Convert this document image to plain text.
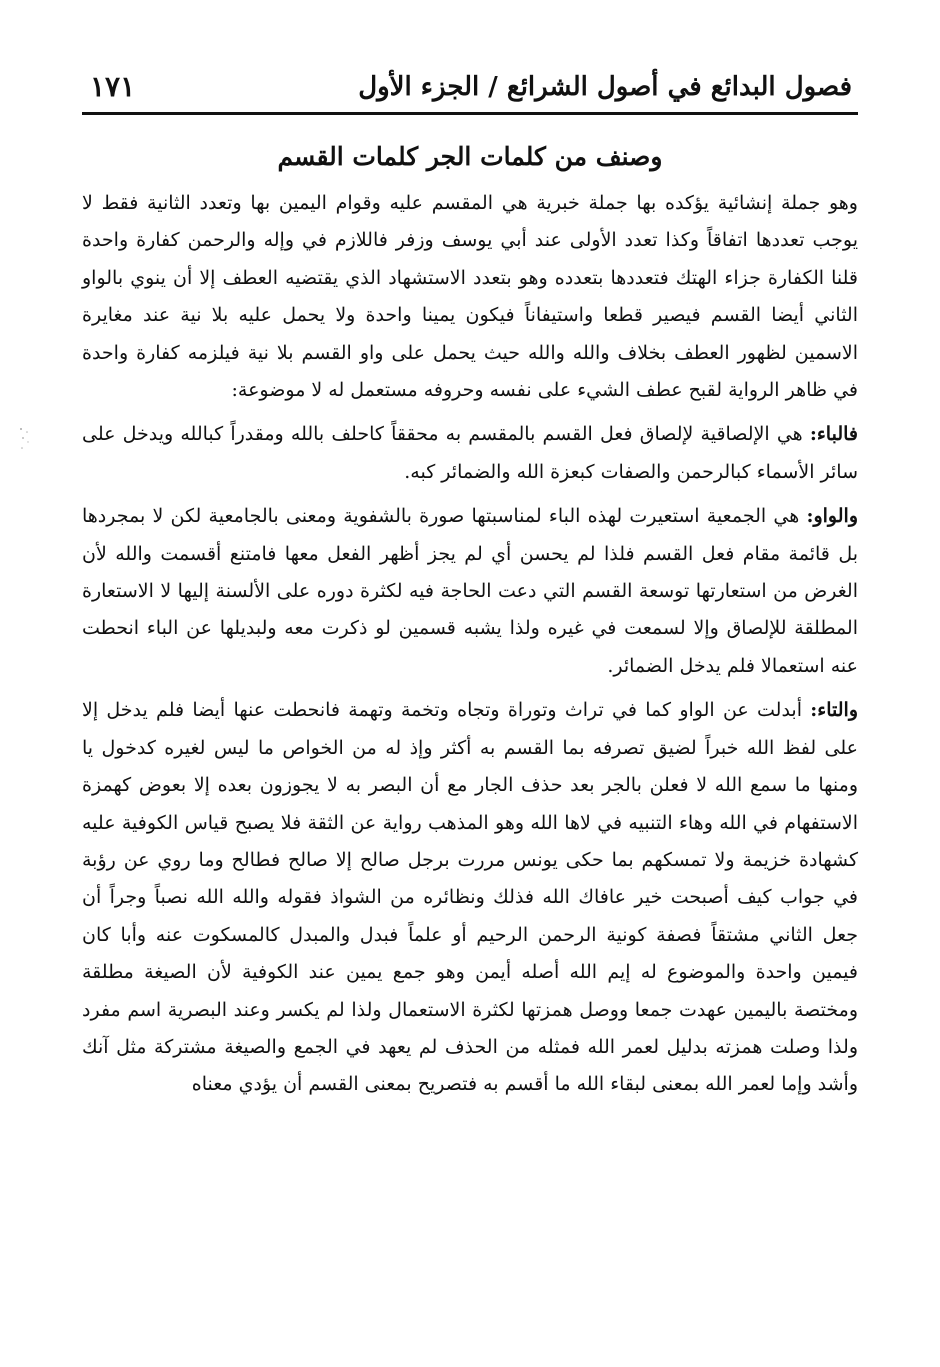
فصول البدائع في أصول الشرائع / الجزء الأول
١٧١
وصنف من كلمات الجر كلمات القسم

وهو جملة إنشائية يؤكده بها جملة خبرية هي المقسم عليه وقوام اليمين بها وتعدد الثانية فقط لا يوجب تعددها اتفاقاً وكذا تعدد الأولى عند أبي يوسف وزفر فاللازم في وإله والرحمن كفارة واحدة قلنا الكفارة جزاء الهتك فتعددها بتعدده وهو بتعدد الاستشهاد الذي يقتضيه العطف إلا أن ينوي بالواو الثاني أيضا القسم فيصير قطعا واستيفاناً فيكون يمينا واحدة ولا يحمل عليه بلا نية عند مغايرة الاسمين لظهور العطف بخلاف والله والله حيث يحمل على واو القسم بلا نية فيلزمه كفارة واحدة في ظاهر الرواية لقبح عطف الشيء على نفسه وحروفه مستعمل له لا موضوعة:

فالباء: هي الإلصاقية لإلصاق فعل القسم بالمقسم به محققاً كاحلف بالله ومقدراً كبالله ويدخل على سائر الأسماء كبالرحمن والصفات كبعزة الله والضمائر كبه.

والواو: هي الجمعية استعيرت لهذه الباء لمناسبتها صورة بالشفوية ومعنى بالجامعية لكن لا بمجردها بل قائمة مقام فعل القسم فلذا لم يحسن أي لم يجز أظهر الفعل معها فامتنع أقسمت والله لأن الغرض من استعارتها توسعة القسم التي دعت الحاجة فيه لكثرة دوره على الألسنة إليها لا الاستعارة المطلقة للإلصاق وإلا لسمعت في غيره ولذا يشبه قسمين لو ذكرت معه ولبديلها عن الباء انحطت عنه استعمالا فلم يدخل الضمائر.

والتاء: أبدلت عن الواو كما في تراث وتوراة وتجاه وتخمة وتهمة فانحطت عنها أيضا فلم يدخل إلا على لفظ الله خبراً لضيق تصرفه بما القسم به أكثر وإذ له من الخواص ما ليس لغيره كدخول يا ومنها ما سمع الله لا فعلن بالجر بعد حذف الجار مع أن البصر به لا يجوزون بعده إلا بعوض كهمزة الاستفهام في الله وهاء التنبيه في لاها الله وهو المذهب رواية عن الثقة فلا يصبح قياس الكوفية عليه كشهادة خزيمة ولا تمسكهم بما حكى يونس مررت برجل صالح إلا صالح فطالح وما روي عن رؤبة في جواب كيف أصبحت خير عافاك الله فذلك ونظائره من الشواذ فقوله والله الله نصباً وجراً أن جعل الثاني مشتقاً فصفة كونية الرحمن الرحيم أو علماً فبدل والمبدل كالمسكوت عنه وأبا كان فيمين واحدة والموضوع له إيم الله أصله أيمن وهو جمع يمين عند الكوفية لأن الصيغة مطلقة ومختصة باليمين عهدت جمعا ووصل همزتها لكثرة الاستعمال ولذا لم يكسر وعند البصرية اسم مفرد ولذا وصلت همزته بدليل لعمر الله فمثله من الحذف لم يعهد في الجمع والصيغة مشتركة مثل آنك وأشد وإما لعمر الله بمعنى لبقاء الله ما أقسم به فتصريح بمعنى القسم أن يؤدي معناه
